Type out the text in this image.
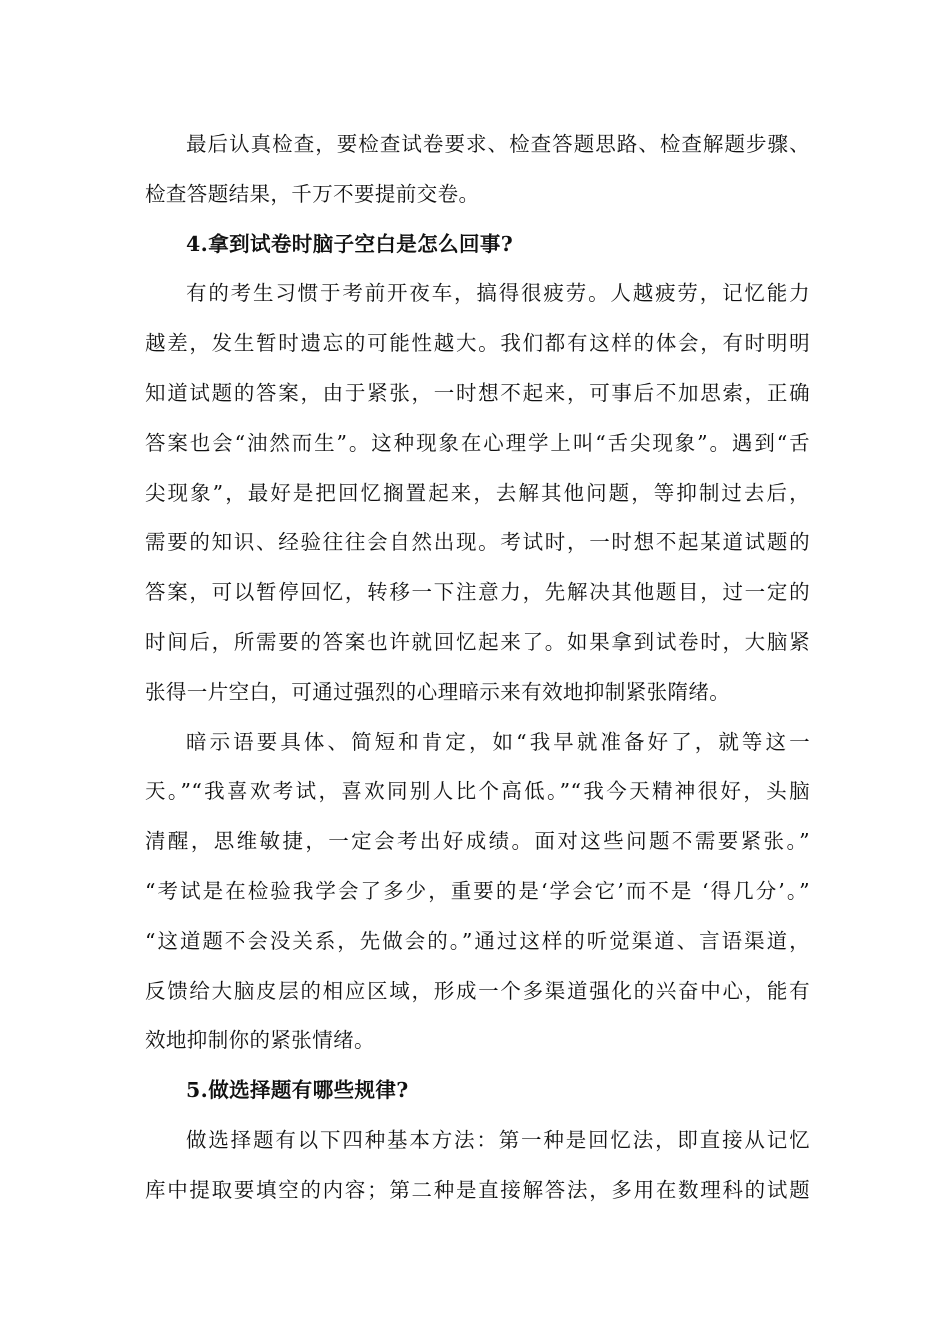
最后认真检查，要检查试卷要求、检查答题思路、检查解题步骤、
检查答题结果，千万不要提前交卷。
4.拿到试卷时脑子空白是怎么回事?
有的考生习惯于考前开夜车，搞得很疲劳。人越疲劳，记忆能力
越差，发生暂时遗忘的可能性越大。我们都有这样的体会，有时明明
知道试题的答案，由于紧张，一时想不起来，可事后不加思索，正确
答案也会“油然而生”。这种现象在心理学上叫“舌尖现象”。遇到“舌
尖现象”，最好是把回忆搁置起来，去解其他问题，等抑制过去后，
需要的知识、经验往往会自然出现。考试时，一时想不起某道试题的
答案，可以暂停回忆，转移一下注意力，先解决其他题目，过一定的
时间后，所需要的答案也许就回忆起来了。如果拿到试卷时，大脑紧
张得一片空白，可通过强烈的心理暗示来有效地抑制紧张隋绪。
暗示语要具体、简短和肯定，如“我早就准备好了，就等这一
天。”“我喜欢考试，喜欢同别人比个高低。”“我今天精神很好，头脑
清醒，思维敏捷，一定会考出好成绩。面对这些问题不需要紧张。”
“考试是在检验我学会了多少，重要的是‘学会它’而不是 ‘得几分’。”
“这道题不会没关系，先做会的。”通过这样的听觉渠道、言语渠道，
反馈给大脑皮层的相应区域，形成一个多渠道强化的兴奋中心，能有
效地抑制你的紧张情绪。
5.做选择题有哪些规律?
做选择题有以下四种基本方法：第一种是回忆法，即直接从记忆
库中提取要填空的内容；第二种是直接解答法，多用在数理科的试题
